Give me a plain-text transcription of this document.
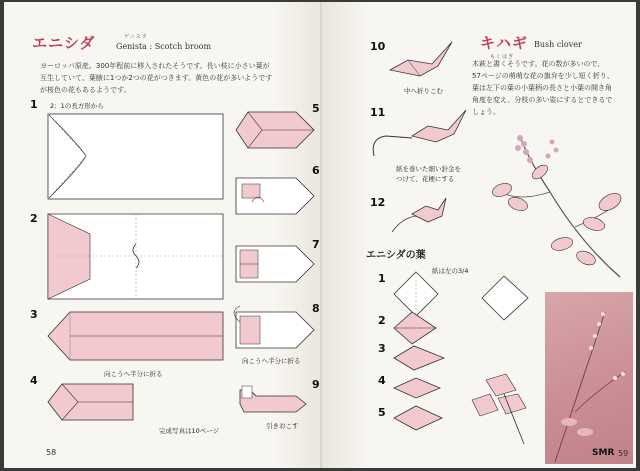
エニシダ	ゲニスタ
Genista : Scotch broom

ヨーロッパ原産。300年程前に移入されたそうです。長い枝に小さい葉が
互生していて、葉腋に1つか2つの花がつきます。黄色の花が多いようです
が桜色の花もあるようです。

1 2：1の長方形から
2
3
向こうへ半分に折る
4
完成写真は10ページ
5
6
7
8
向こうへ半分に折る
9
引きおこす
58
10
中へ折りこむ
11
紙を巻いた細い針金を
つけて、花梗にする
12
エニシダの葉
紙は左の3/4
1
2
3
4
5
キハギ Bush clover
もくはぎ

木萩と書くそうです。花の数が多いので、
57ページの萌萌な花の旗弁を少し短く折り、
葉は左下の葉の小葉柄の長さと小葉の開き角
角度を変え、分枝の多い姿にするとできるで
しょう。

SMR 59
